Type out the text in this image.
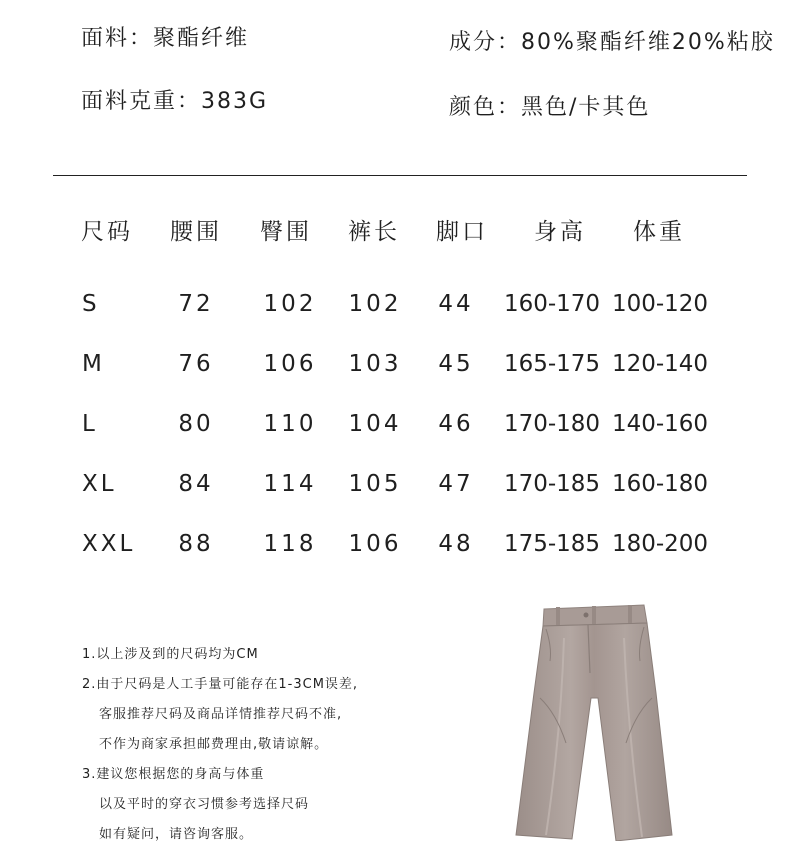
面料：聚酯纤维
面料克重：383G
成分：80%聚酯纤维20%粘胶
颜色：黑色/卡其色
尺码 腰围 臀围 裤长 脚口 身高 体重
S	72 102 102 44 160-170 100-120
M	76 106 103 45 165-175 120-140
L	80 110 104 46 170-180 140-160
XL	84 114 105 47 170-185 160-180
XXL 88 118 106 48 175-185 180-200
1.以上涉及到的尺码均为CM
2.由于尺码是人工手量可能存在1-3CM误差,
客服推荐尺码及商品详情推荐尺码不准,
不作为商家承担邮费理由,敬请谅解。
3.建议您根据您的身高与体重
以及平时的穿衣习惯参考选择尺码
如有疑问，请咨询客服。
